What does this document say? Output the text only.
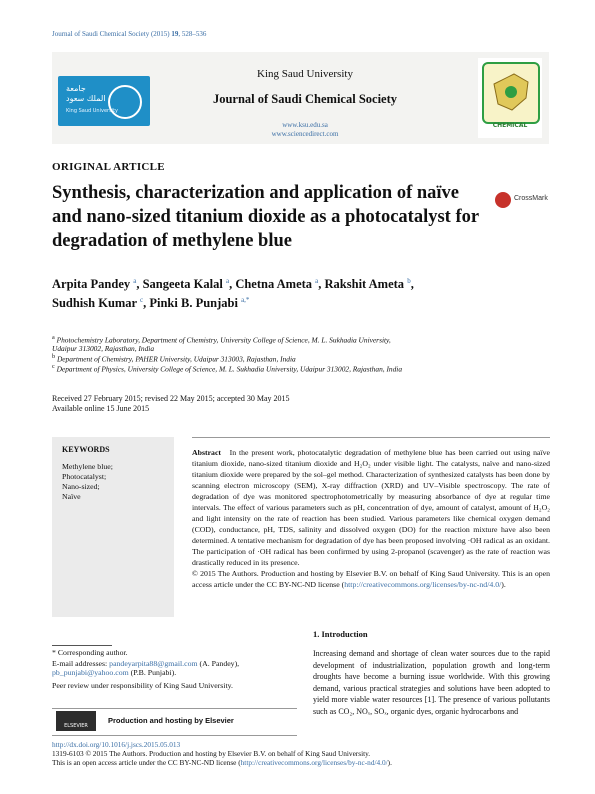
Journal of Saudi Chemical Society (2015) 19, 528–536
جامعة الملك سعود
King Saud University
King Saud University
Journal of Saudi Chemical Society
www.ksu.edu.sa
www.sciencedirect.com
CHEMICAL
ORIGINAL ARTICLE
Synthesis, characterization and application of naïve and nano-sized titanium dioxide as a photocatalyst for degradation of methylene blue
CrossMark
Arpita Pandey $^a$, Sangeeta Kalal $^a$, Chetna Ameta $^a$, Rakshit Ameta $^b$,
Sudhish Kumar $^c$, Pinki B. Punjabi $^{a,*}$
$^a$ Photochemistry Laboratory, Department of Chemistry, University College of Science, M. L. Sukhadia University,
Udaipur 313002, Rajasthan, India
$^b$ Department of Chemistry, PAHER University, Udaipur 313003, Rajasthan, India
$^c$ Department of Physics, University College of Science, M. L. Sukhadia University, Udaipur 313002, Rajasthan, India
Received 27 February 2015; revised 22 May 2015; accepted 30 May 2015
Available online 15 June 2015
KEYWORDS
Methylene blue;
Photocatalyst;
Nano-sized;
Naïve
Abstract In the present work, photocatalytic degradation of methylene blue has been carried out using naïve titanium dioxide, nano-sized titanium dioxide and H₂O₂ under visible light. The catalysts, naïve and nano-sized titanium dioxide were prepared by the sol–gel method. Characterization of synthesized catalysts has been done by scanning electron microscopy (SEM), X-ray diffraction (XRD) and UV–Visible spectroscopy. The rate of degradation of dye was monitored spectrophotometrically by measuring absorbance of dye at regular time intervals. The effect of various parameters such as pH, concentration of dye, amount of catalyst, amount of H₂O₂ and light intensity on the rate of reaction has been studied. Various parameters like chemical oxygen demand (COD), conductance, pH, TDS, salinity and dissolved oxygen (DO) for the reaction mixture have also been determined. A tentative mechanism for degradation of dye has been proposed involving ·OH radical as an oxidant. The participation of ·OH radical has been confirmed by using 2-propanol (scavenger) as the rate of reaction was drastically reduced in its presence.
© 2015 The Authors. Production and hosting by Elsevier B.V. on behalf of King Saud University. This is an open access article under the CC BY-NC-ND license (http://creativecommons.org/licenses/by-nc-nd/4.0/).
* Corresponding author.
E-mail addresses: pandeyarpita88@gmail.com (A. Pandey),
pb_punjabi@yahoo.com (P.B. Punjabi).
Peer review under responsibility of King Saud University.
ELSEVIER
Production and hosting by Elsevier
1. Introduction
Increasing demand and shortage of clean water sources due to the rapid development of industrialization, population growth and long-term droughts have become a burning issue worldwide. With this growing demand, various practical strategies and solutions have been adopted to yield more viable water resources [1]. The presence of various pollutants such as CO₂, NOₓ, SOₓ, organic dyes, organic hydrocarbons and
http://dx.doi.org/10.1016/j.jscs.2015.05.013
1319-6103 © 2015 The Authors. Production and hosting by Elsevier B.V. on behalf of King Saud University.
This is an open access article under the CC BY-NC-ND license (http://creativecommons.org/licenses/by-nc-nd/4.0/).
